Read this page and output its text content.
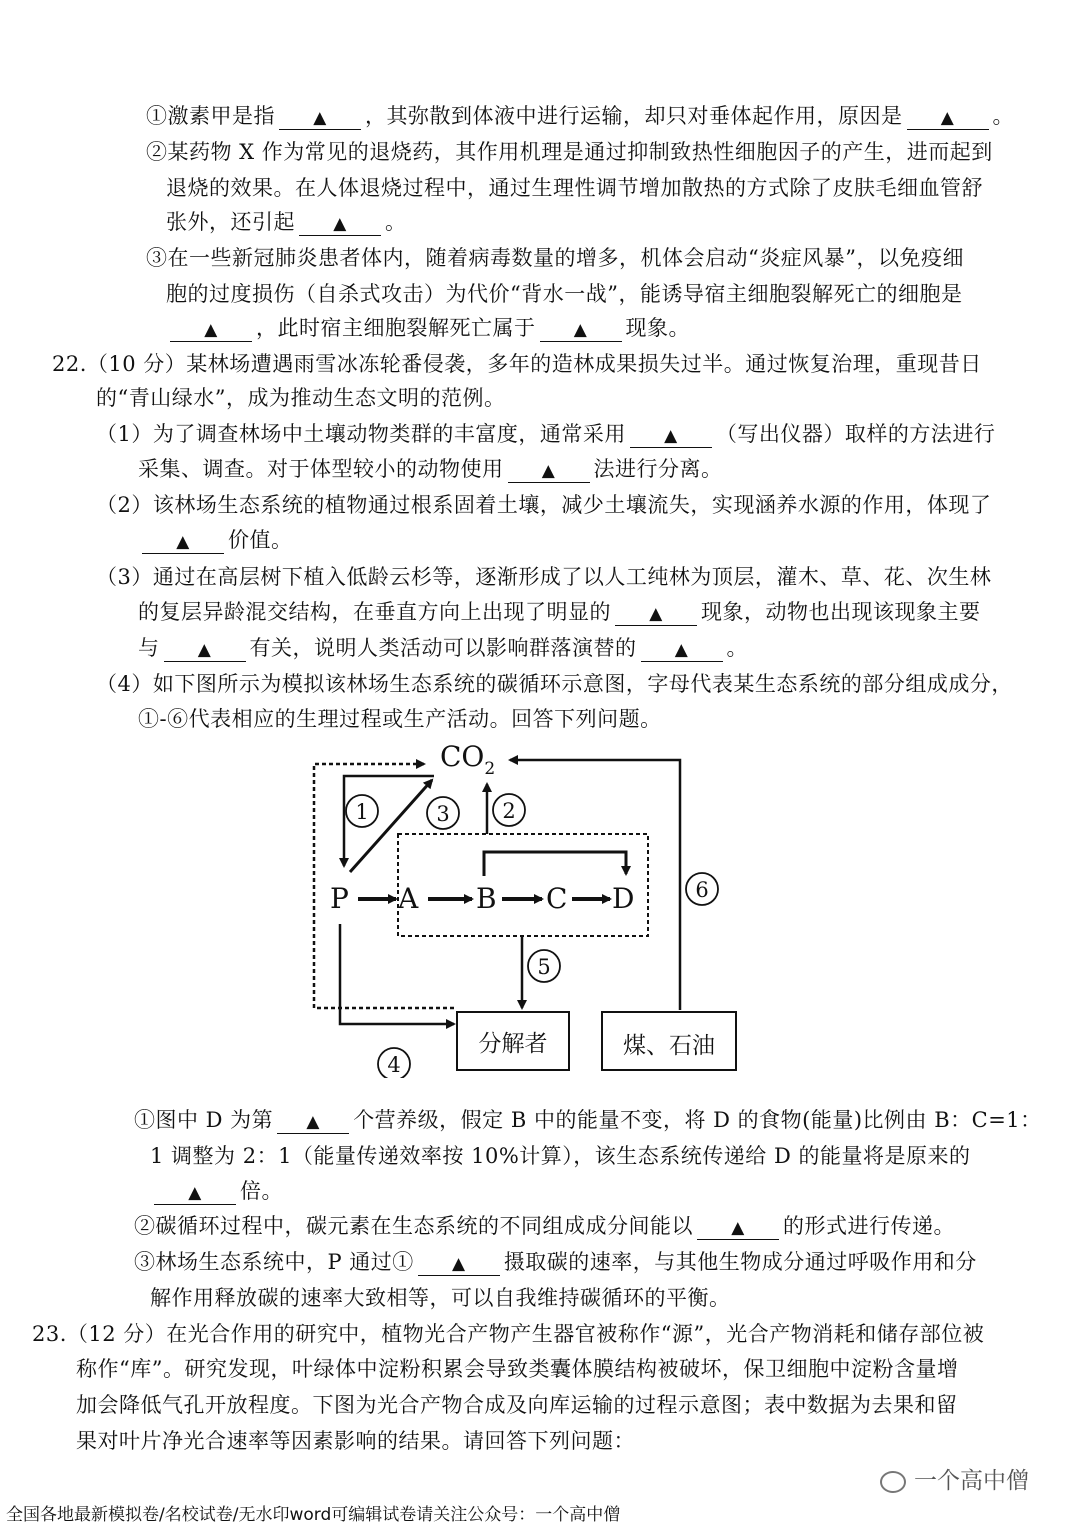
①激素甲是指 ▲	，其弥散到体液中进行运输，却只对垂体起作用，原因是 ▲	。
②某药物 X 作为常见的退烧药，其作用机理是通过抑制致热性细胞因子的产生，进而起到
退烧的效果。在人体退烧过程中，通过生理性调节增加散热的方式除了皮肤毛细血管舒
张外，还引起 ▲	。
③在一些新冠肺炎患者体内，随着病毒数量的增多，机体会启动“炎症风暴”，以免疫细
胞的过度损伤（自杀式攻击）为代价“背水一战”，能诱导宿主细胞裂解死亡的细胞是
▲，此时宿主细胞裂解死亡属于 ▲	现象。
22.（10 分）某林场遭遇雨雪冰冻轮番侵袭，多年的造林成果损失过半。通过恢复治理，重现昔日
的“青山绿水”，成为推动生态文明的范例。
（1）为了调查林场中土壤动物类群的丰富度，通常采用 ▲	（写出仪器）取样的方法进行
采集、调查。对于体型较小的动物使用 ▲	法进行分离。
（2）该林场生态系统的植物通过根系固着土壤，减少土壤流失，实现涵养水源的作用，体现了
▲价值。
（3）通过在高层树下植入低龄云杉等，逐渐形成了以人工纯林为顶层，灌木、草、花、次生林
的复层异龄混交结构，在垂直方向上出现了明显的 ▲	现象，动物也出现该现象主要
与 ▲	有关，说明人类活动可以影响群落演替的 ▲	。
（4）如下图所示为模拟该林场生态系统的碳循环示意图，字母代表某生态系统的部分组成成分，
①-⑥代表相应的生理过程或生产活动。回答下列问题。
$CO_2$
分解者	煤、石油
P A B C D
1	3	2
6
5
4
①图中 D 为第 ▲	个营养级，假定 B 中的能量不变，将 D 的食物(能量)比例由 B：C=1：
1 调整为 2：1（能量传递效率按 10%计算），该生态系统传递给 D 的能量将是原来的
▲倍。
②碳循环过程中，碳元素在生态系统的不同组成成分间能以 ▲	的形式进行传递。
③林场生态系统中，P 通过① ▲	摄取碳的速率，与其他生物成分通过呼吸作用和分
解作用释放碳的速率大致相等，可以自我维持碳循环的平衡。
23.（12 分）在光合作用的研究中，植物光合产物产生器官被称作“源”，光合产物消耗和储存部位被
称作“库”。研究发现，叶绿体中淀粉积累会导致类囊体膜结构被破坏，保卫细胞中淀粉含量增
加会降低气孔开放程度。下图为光合产物合成及向库运输的过程示意图；表中数据为去果和留
果对叶片净光合速率等因素影响的结果。请回答下列问题：
一个高中僧
全国各地最新模拟卷/名校试卷/无水印word可编辑试卷请关注公众号：一个高中僧
